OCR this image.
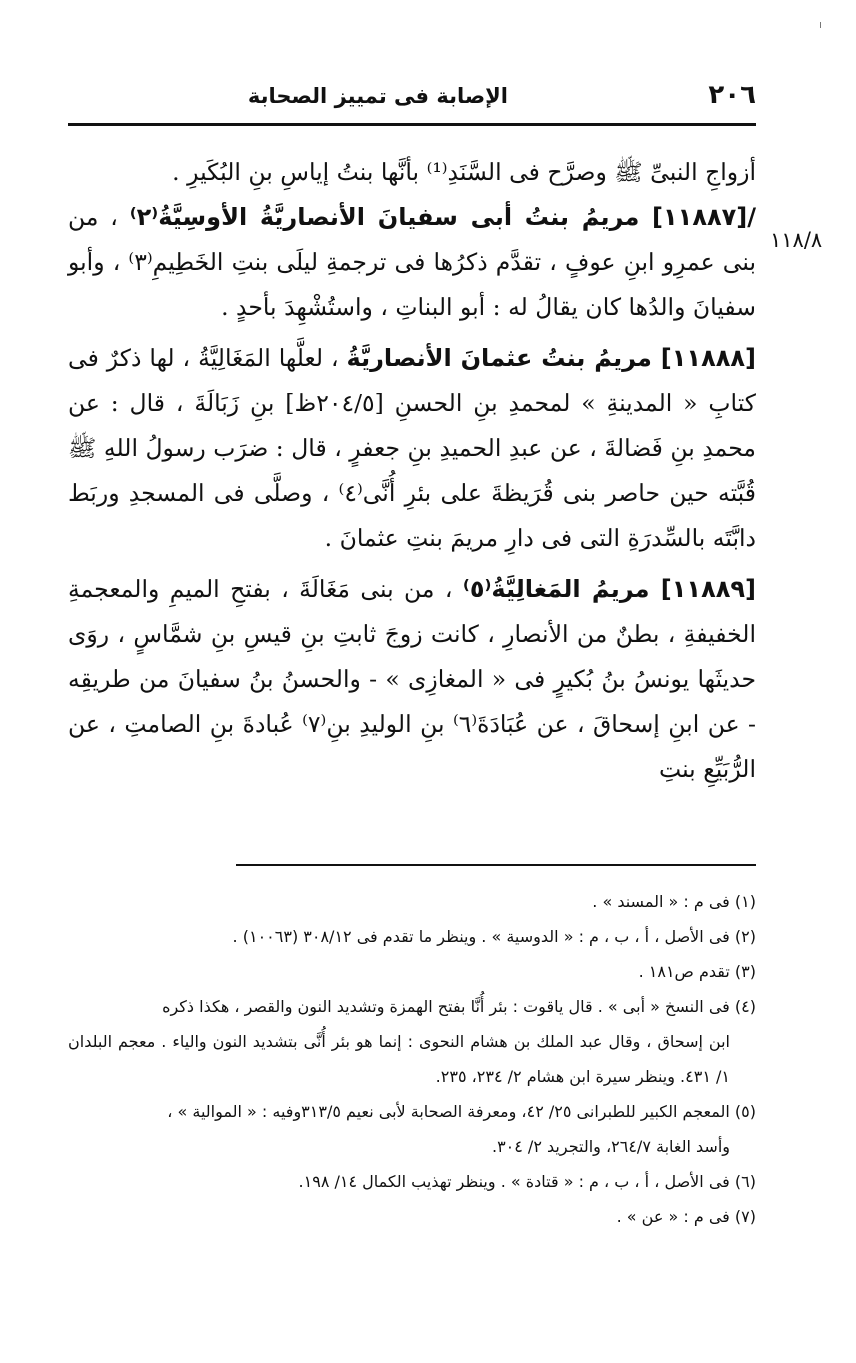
٢٠٦
الإصابة فى تمييز الصحابة
١١٨/٨

أزواجِ النبىِّ ﷺ وصرَّح فى السَّنَدِ⁽¹⁾ بأنَّها بنتُ إياسِ بنِ البُكَيرِ .

/[١١٨٨٧] مريمُ بنتُ أبى سفيانَ الأنصاريَّةُ الأوسِيَّةُ⁽٢⁾ ، من بنى عمرِو ابنِ عوفٍ ، تقدَّم ذكرُها فى ترجمةِ ليلَى بنتِ الخَطِيمِ⁽٣⁾ ، وأبو سفيانَ والدُها كان يقالُ له : أبو البناتِ ، واستُشْهِدَ بأحدٍ .

[١١٨٨٨] مريمُ بنتُ عثمانَ الأنصاريَّةُ ، لعلَّها المَغَالِيَّةُ ، لها ذكرٌ فى كتابِ « المدينةِ » لمحمدِ بنِ الحسنِ [٢٠٤/٥ظ] بنِ زَبَالَةَ ، قال : عن محمدِ بنِ فَضالةَ ، عن عبدِ الحميدِ بنِ جعفرٍ ، قال : ضرَب رسولُ اللهِ ﷺ قُبَّته حين حاصر بنى قُرَيظةَ على بئرِ أُنَّى⁽٤⁾ ، وصلَّى فى المسجدِ وربَط دابَّتَه بالسِّدرَةِ التى فى دارِ مريمَ بنتِ عثمانَ .

[١١٨٨٩] مريمُ المَغالِيَّةُ⁽٥⁾ ، من بنى مَغَالَةَ ، بفتحِ الميمِ والمعجمةِ الخفيفةِ ، بطنٌ من الأنصارِ ، كانت زوجَ ثابتِ بنِ قيسِ بنِ شمَّاسٍ ، روَى حديثَها يونسُ بنُ بُكيرٍ فى « المغازِى » - والحسنُ بنُ سفيانَ من طريقِه - عن ابنِ إسحاقَ ، عن عُبَادَةَ⁽٦⁾ بنِ الوليدِ بنِ⁽٧⁾ عُبادةَ بنِ الصامتِ ، عن الرُّبَيِّعِ بنتِ

(١) فى م : « المسند » .

(٢) فى الأصل ، أ ، ب ، م : « الدوسية » . وينظر ما تقدم فى ٣٠٨/١٢ (١٠٠٦٣) .

(٣) تقدم ص١٨١ .

(٤) فى النسخ « أبى » . قال ياقوت : بئر أُنَّا بفتح الهمزة وتشديد النون والقصر ، هكذا ذكره
ابن إسحاق ، وقال عبد الملك بن هشام النحوى : إنما هو بئر أُنَّى بتشديد النون والياء . معجم البلدان ١/ ٤٣١. وينظر سيرة ابن هشام ٢/ ٢٣٤، ٢٣٥.

(٥) المعجم الكبير للطبرانى ٢٥/ ٤٢، ومعرفة الصحابة لأبى نعيم ٣١٣/٥وفيه : « الموالية » ،
وأسد الغابة ٢٦٤/٧، والتجريد ٢/ ٣٠٤.

(٦) فى الأصل ، أ ، ب ، م : « قتادة » . وينظر تهذيب الكمال ١٤/ ١٩٨.

(٧) فى م : « عن » .
